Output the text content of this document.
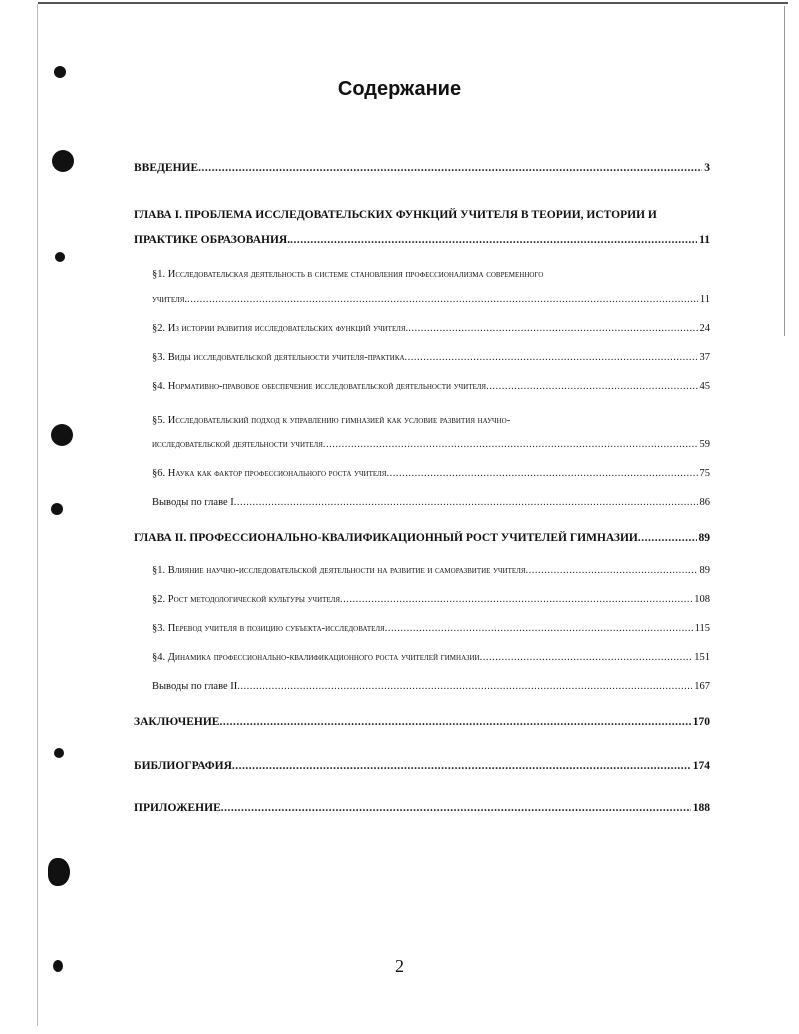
Содержание
ВВЕДЕНИЕ .....	3
ГЛАВА I. ПРОБЛЕМА ИССЛЕДОВАТЕЛЬСКИХ ФУНКЦИЙ УЧИТЕЛЯ В ТЕОРИИ, ИСТОРИИ И
ПРАКТИКЕ ОБРАЗОВАНИЯ. .....	11
§1. Исследовательская деятельность в системе становления профессионализма современного
учителя. .....	11
§2. Из истории развития исследовательских функций учителя. .....	24
§3. Виды исследовательской деятельности учителя-практика .....	37
§4. Нормативно-правовое обеспечение исследовательской деятельности учителя .....	45
§5. Исследовательский подход к управлению гимназией как условие развития научно-
исследовательской деятельности учителя .....	59
§6. Наука как фактор профессионального роста учителя .....	75
Выводы по главе I .....	86
ГЛАВА II. ПРОФЕССИОНАЛЬНО-КВАЛИФИКАЦИОННЫЙ РОСТ УЧИТЕЛЕЙ ГИМНАЗИИ .....	89
§1. Влияние научно-исследовательской деятельности на развитие и саморазвитие учителя .....	89
§2. Рост методологической культуры учителя .....	108
§3. Перевод учителя в позицию субъекта-исследователя .....	115
§4. Динамика профессионально-квалификационного роста учителей гимназии .....	151
Выводы по главе II .....	167
ЗАКЛЮЧЕНИЕ .....	170
БИБЛИОГРАФИЯ .....	174
ПРИЛОЖЕНИЕ .....	188
2
